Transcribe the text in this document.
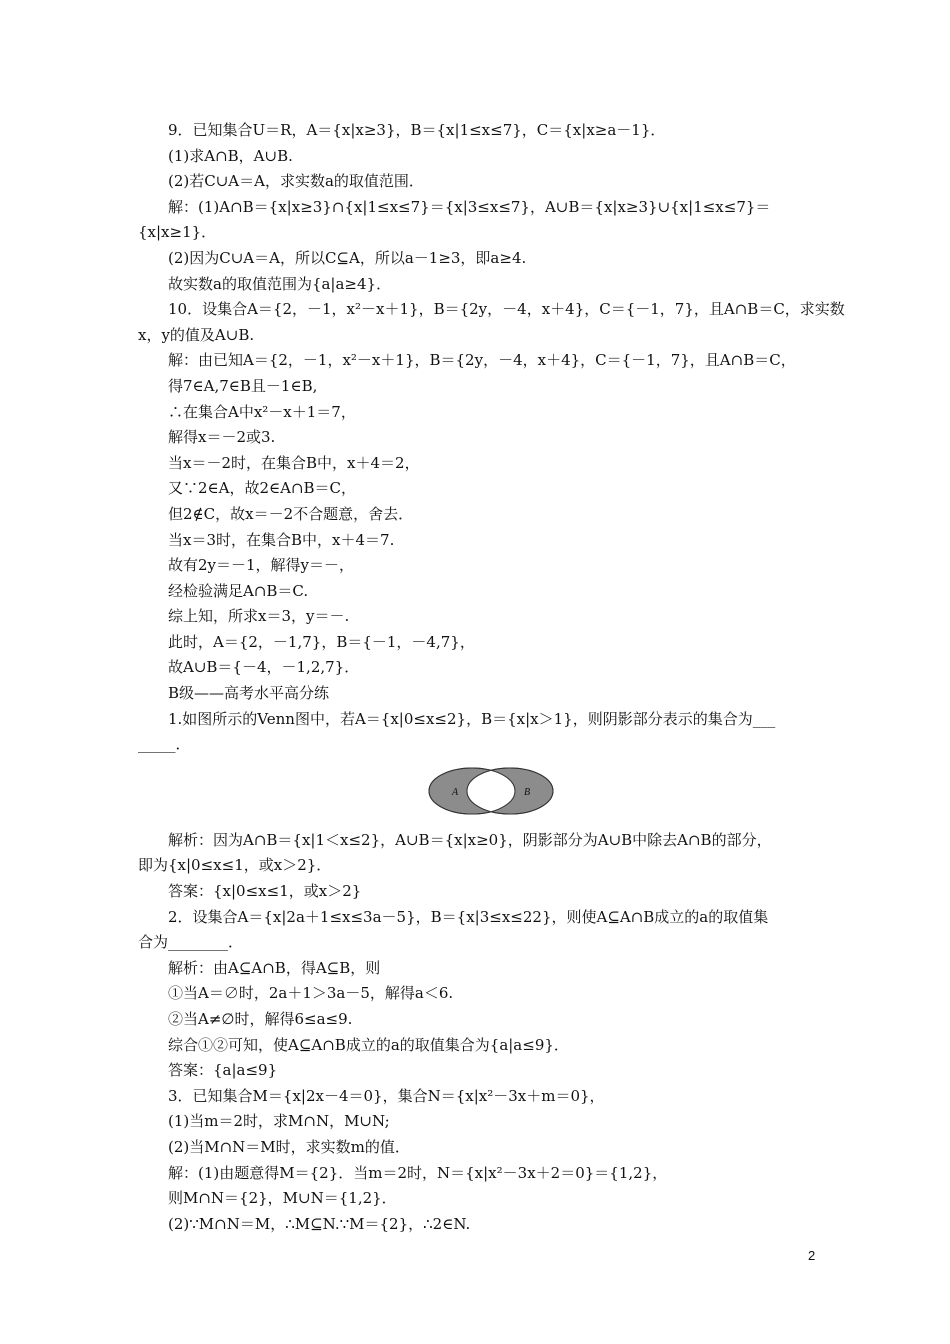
9．已知集合U＝R，A＝{x|x≥3}，B＝{x|1≤x≤7}，C＝{x|x≥a－1}．
(1)求A∩B，A∪B.
(2)若C∪A＝A，求实数a的取值范围．
解：(1)A∩B＝{x|x≥3}∩{x|1≤x≤7}＝{x|3≤x≤7}，A∪B＝{x|x≥3}∪{x|1≤x≤7}＝
{x|x≥1}．
(2)因为C∪A＝A，所以C⊆A，所以a－1≥3，即a≥4.
故实数a的取值范围为{a|a≥4}．
10．设集合A＝{2，－1，x²－x＋1}，B＝{2y，－4，x＋4}，C＝{－1，7}，且A∩B＝C，求实数
x，y的值及A∪B.
解：由已知A＝{2，－1，x²－x＋1}，B＝{2y，－4，x＋4}，C＝{－1，7}，且A∩B＝C，
得7∈A,7∈B且－1∈B,
∴在集合A中x²－x＋1＝7，
解得x＝－2或3.
当x＝－2时，在集合B中，x＋4＝2，
又∵2∈A，故2∈A∩B＝C，
但2∉C，故x＝－2不合题意，舍去．
当x＝3时，在集合B中，x＋4＝7.
故有2y＝－1，解得y＝－，
经检验满足A∩B＝C.
综上知，所求x＝3，y＝－.
此时，A＝{2，－1,7}，B＝{－1，－4,7}，
故A∪B＝{－4，－1,2,7}．
B级——高考水平高分练
1.如图所示的Venn图中，若A＝{x|0≤x≤2}，B＝{x|x＞1}，则阴影部分表示的集合为___
_____．
A	B
解析：因为A∩B＝{x|1＜x≤2}，A∪B＝{x|x≥0}，阴影部分为A∪B中除去A∩B的部分，
即为{x|0≤x≤1，或x＞2}．
答案：{x|0≤x≤1，或x＞2}
2．设集合A＝{x|2a＋1≤x≤3a－5}，B＝{x|3≤x≤22}，则使A⊆A∩B成立的a的取值集
合为________．
解析：由A⊆A∩B，得A⊆B，则
①当A＝∅时，2a＋1＞3a－5，解得a＜6.
②当A≠∅时，解得6≤a≤9.
综合①②可知，使A⊆A∩B成立的a的取值集合为{a|a≤9}．
答案：{a|a≤9}
3．已知集合M＝{x|2x－4＝0}，集合N＝{x|x²－3x＋m＝0}，
(1)当m＝2时，求M∩N，M∪N;
(2)当M∩N＝M时，求实数m的值．
解：(1)由题意得M＝{2}．当m＝2时，N＝{x|x²－3x＋2＝0}＝{1,2}，
则M∩N＝{2}，M∪N＝{1,2}．
(2)∵M∩N＝M，∴M⊆N.∵M＝{2}，∴2∈N.
2
